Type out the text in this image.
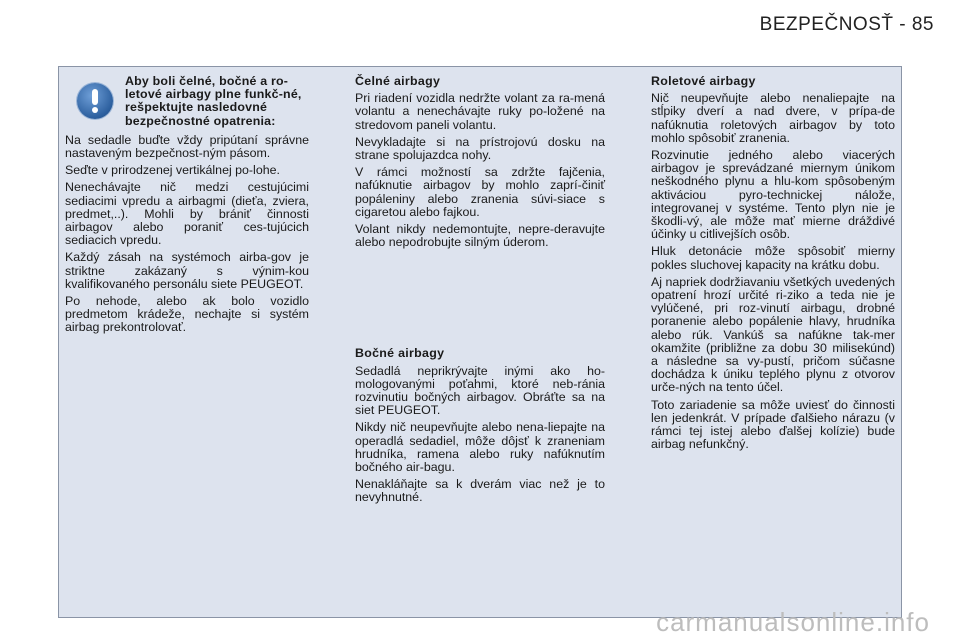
BEZPEČNOSŤ - 85
Aby boli čelné, bočné a ro-letové airbagy plne funkč-né, rešpektujte nasledovné bezpečnostné opatrenia:

Na sedadle buďte vždy pripútaní správne nastaveným bezpečnost-ným pásom.

Seďte v prirodzenej vertikálnej po-lohe.

Nenechávajte nič medzi cestujúcimi sediacimi vpredu a airbagmi (dieťa, zviera, predmet,..). Mohli by brániť činnosti airbagov alebo poraniť ces-tujúcich sediacich vpredu.

Každý zásah na systémoch airba-gov je striktne zakázaný s výnim-kou kvalifikovaného personálu siete PEUGEOT.

Po nehode, alebo ak bolo vozidlo predmetom krádeže, nechajte si systém airbag prekontrolovať.

Čelné airbagy

Pri riadení vozidla nedržte volant za ra-mená volantu a nenechávajte ruky po-ložené na stredovom paneli volantu.

Nevykladajte si na prístrojovú dosku na strane spolujazdca nohy.

V rámci možností sa zdržte fajčenia, nafúknutie airbagov by mohlo zaprí-činiť popáleniny alebo zranenia súvi-siace s cigaretou alebo fajkou.

Volant nikdy nedemontujte, nepre-deravujte alebo nepodrobujte silným úderom.

Bočné airbagy

Sedadlá neprikrývajte inými ako ho-mologovanými poťahmi, ktoré neb-ránia rozvinutiu bočných airbagov. Obráťte sa na siet PEUGEOT.

Nikdy nič neupevňujte alebo nena-liepajte na operadlá sedadiel, môže dôjsť k zraneniam hrudníka, ramena alebo ruky nafúknutím bočného air-bagu.

Nenakláňajte sa k dverám viac než je to nevyhnutné.

Roletové airbagy

Nič neupevňujte alebo nenaliepajte na stĺpiky dverí a nad dvere, v prípa-de nafúknutia roletových airbagov by toto mohlo spôsobiť zranenia.

Rozvinutie jedného alebo viacerých airbagov je sprevádzané miernym únikom neškodného plynu a hlu-kom spôsobeným aktiváciou pyro-technickej nálože, integrovanej v systéme. Tento plyn nie je škodli-vý, ale môže mať mierne dráždivé účinky u citlivejších osôb.

Hluk detonácie môže spôsobiť mierny pokles sluchovej kapacity na krátku dobu.

Aj napriek dodržiavaniu všetkých uvedených opatrení hrozí určité ri-ziko a teda nie je vylúčené, pri roz-vinutí airbagu, drobné poranenie alebo popálenie hlavy, hrudníka alebo rúk. Vankúš sa nafúkne tak-mer okamžite (približne za dobu 30 milisekúnd) a následne sa vy-pustí, pričom súčasne dochádza k úniku teplého plynu z otvorov urče-ných na tento účel.

Toto zariadenie sa môže uviesť do činnosti len jedenkrát. V prípade ďalšieho nárazu (v rámci tej istej alebo ďalšej kolízie) bude airbag nefunkčný.

carmanualsonline.info
